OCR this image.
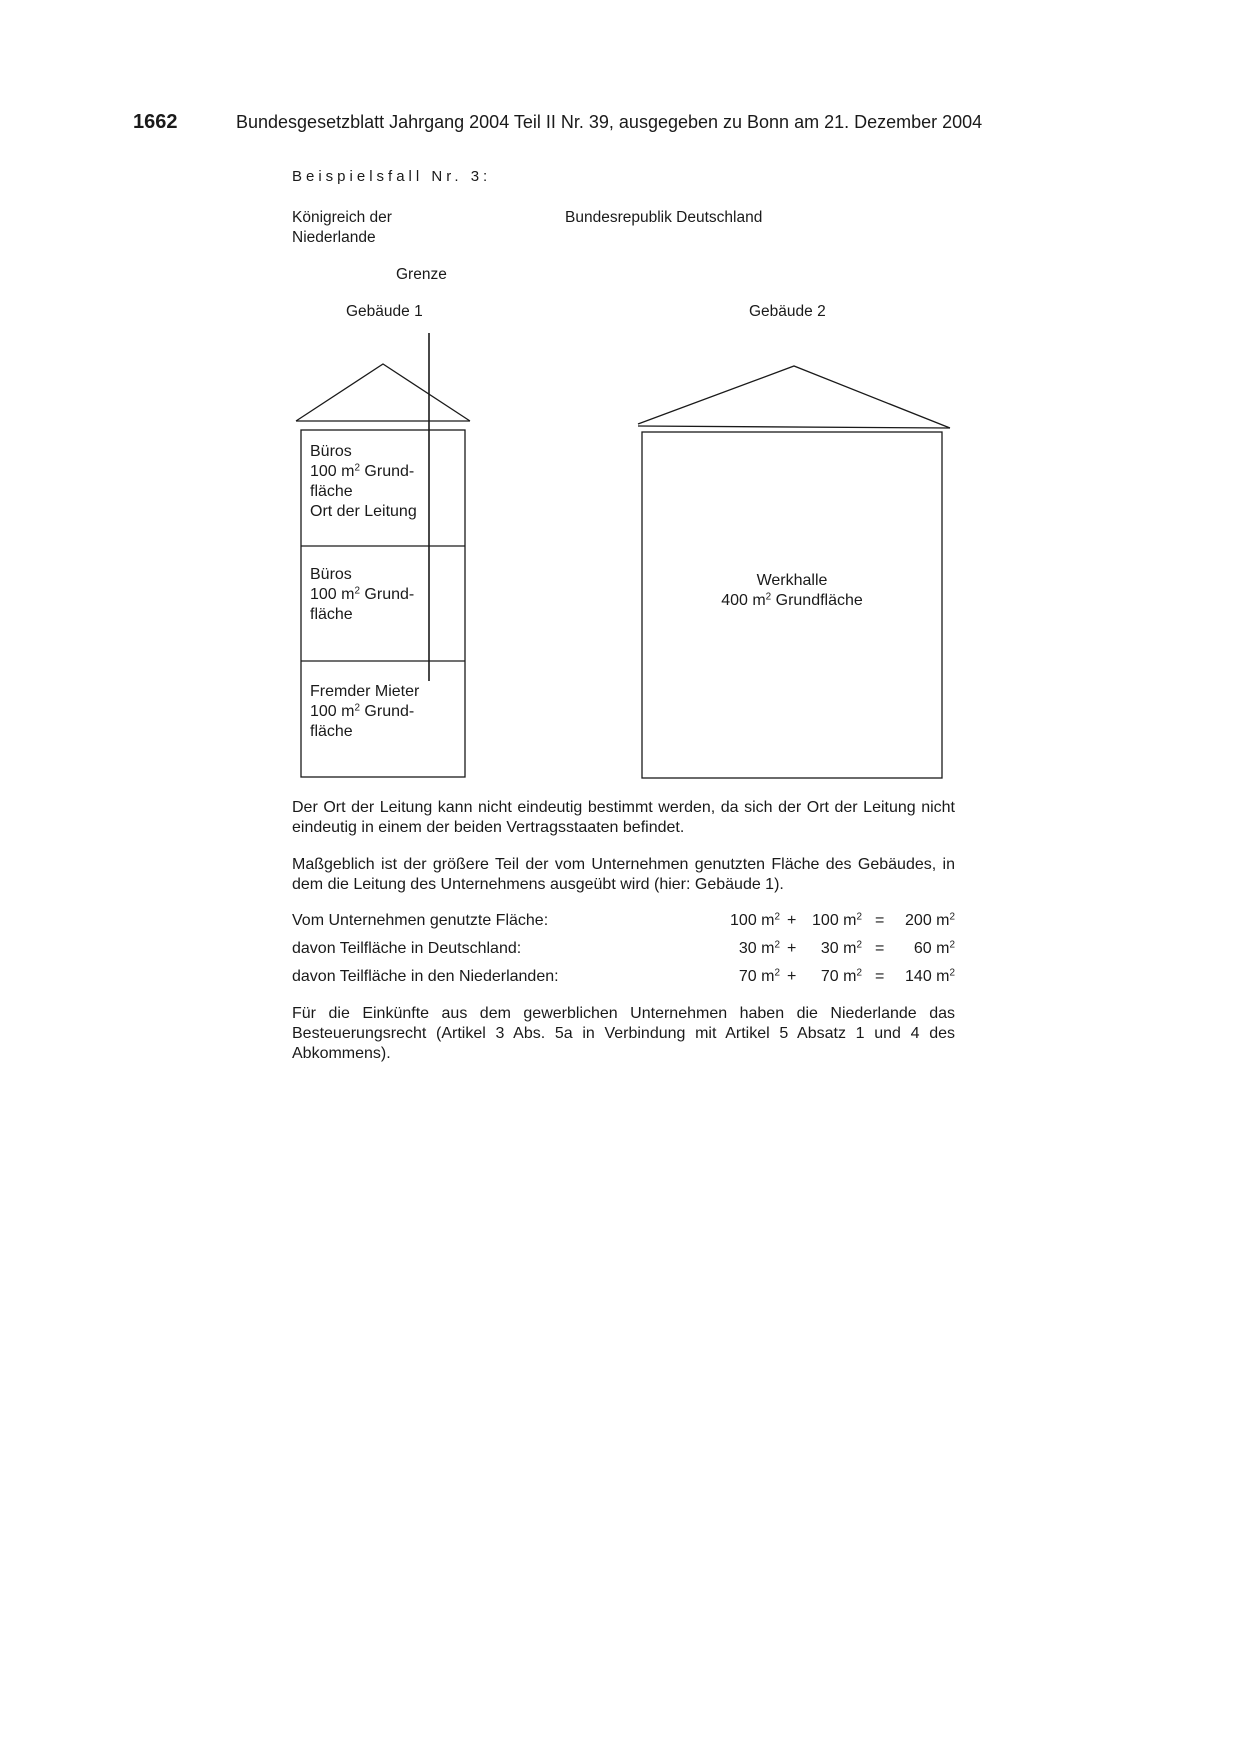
1662	Bundesgesetzblatt Jahrgang 2004 Teil II Nr. 39, ausgegeben zu Bonn am 21. Dezember 2004
Beispielsfall Nr. 3:
Königreich der Niederlande
Bundesrepublik Deutschland
Grenze
Gebäude 1	Gebäude 2
Büros
100 $m^2$ Grund-
fläche
Ort der Leitung
Büros
100 $m^2$ Grund-
fläche
Fremder Mieter
100 $m^2$ Grund-
fläche
Werkhalle
400 $m^2$ Grundfläche
Der Ort der Leitung kann nicht eindeutig bestimmt werden, da sich der Ort der Leitung nicht eindeutig in einem der beiden Vertragsstaaten befindet.
Maßgeblich ist der größere Teil der vom Unternehmen genutzten Fläche des Gebäudes, in dem die Leitung des Unternehmens ausgeübt wird (hier: Gebäude 1).
Vom Unternehmen genutzte Fläche:	100 $m^2 + 100$ $m^2 = 200$ $m^2$
davon Teilfläche in Deutschland:	30 $m^2 + 30$ $m^2 = 60$ $m^2$
davon Teilfläche in den Niederlanden:	70 $m^2 + 70$ $m^2 = 140$ $m^2$
Für die Einkünfte aus dem gewerblichen Unternehmen haben die Niederlande das Besteuerungsrecht (Artikel 3 Abs. 5a in Verbindung mit Artikel 5 Absatz 1 und 4 des Abkommens).
